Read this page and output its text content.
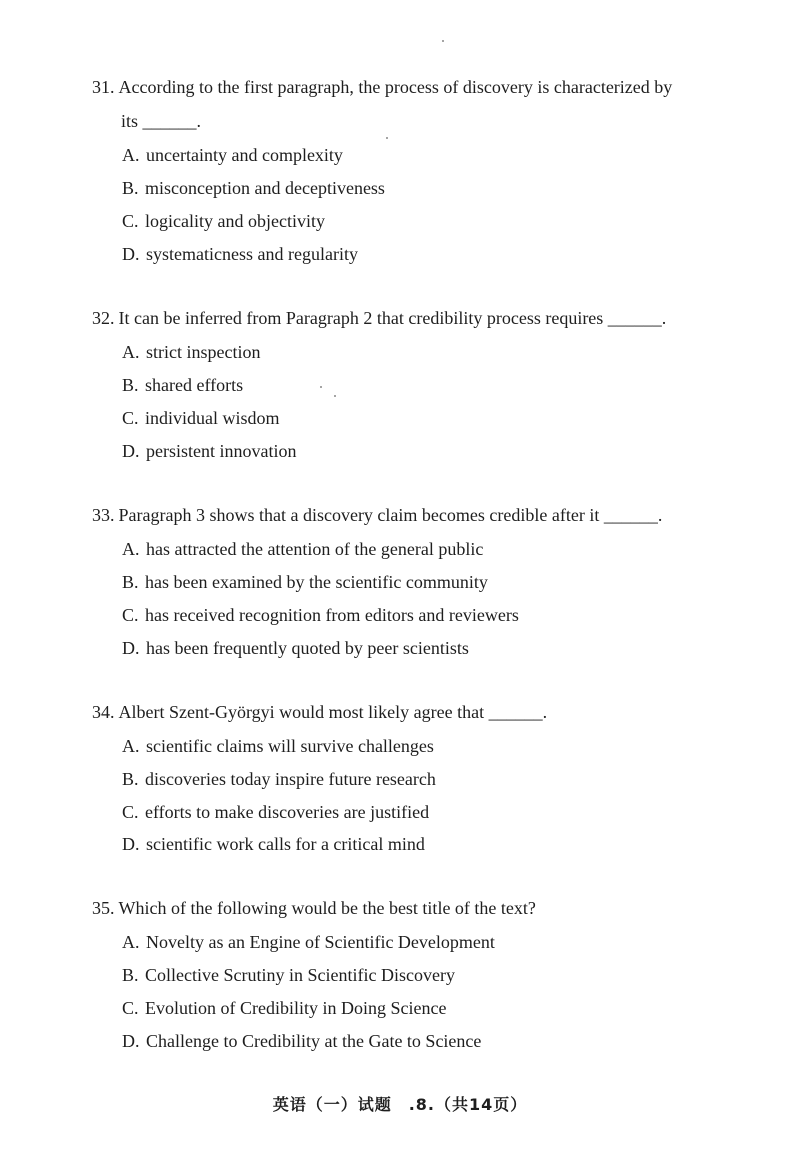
31. According to the first paragraph, the process of discovery is characterized by
its ______.
A. uncertainty and complexity
B. misconception and deceptiveness
C. logicality and objectivity
D. systematicness and regularity
32. It can be inferred from Paragraph 2 that credibility process requires ______.
A. strict inspection
B. shared efforts
C. individual wisdom
D. persistent innovation
33. Paragraph 3 shows that a discovery claim becomes credible after it ______.
A. has attracted the attention of the general public
B. has been examined by the scientific community
C. has received recognition from editors and reviewers
D. has been frequently quoted by peer scientists
34. Albert Szent-Györgyi would most likely agree that ______.
A. scientific claims will survive challenges
B. discoveries today inspire future research
C. efforts to make discoveries are justified
D. scientific work calls for a critical mind
35. Which of the following would be the best title of the text?
A. Novelty as an Engine of Scientific Development
B. Collective Scrutiny in Scientific Discovery
C. Evolution of Credibility in Doing Science
D. Challenge to Credibility at the Gate to Science
英语（一）试题　.8.（共14页）
